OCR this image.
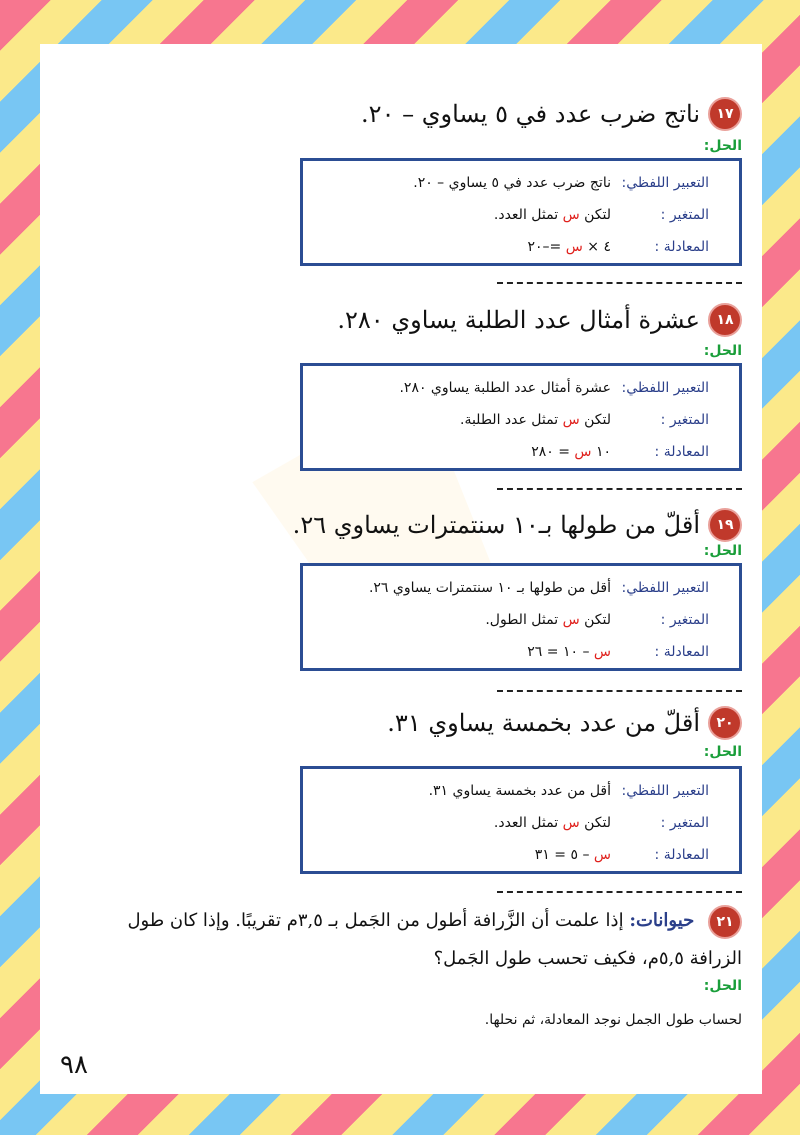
١٧
ناتج ضرب عدد في ٥ يساوي – ٢٠.
الحل:
التعبير اللفظي:
ناتج ضرب عدد في ٥ يساوي – ٢٠.
المتغير :
لتكن س تمثل العدد.
المعادلة :
٤ × س =–٢٠
١٨
عشرة أمثال عدد الطلبة يساوي ٢٨٠.
الحل:
التعبير اللفظي:
عشرة أمثال عدد الطلبة يساوي ٢٨٠.
المتغير :
لتكن س تمثل عدد الطلبة.
المعادلة :
١٠ س = ٢٨٠
١٩
أقلّ من طولها بـ١٠ سنتمترات يساوي ٢٦.
الحل:
التعبير اللفظي:
أقل من طولها بـ ١٠ سنتمترات يساوي ٢٦.
المتغير :
لتكن س تمثل الطول.
المعادلة :
س – ١٠ = ٢٦
٢٠
أقلّ من عدد بخمسة يساوي ٣١.
الحل:
التعبير اللفظي:
أقل من عدد بخمسة يساوي ٣١.
المتغير :
لتكن س تمثل العدد.
المعادلة :
س – ٥ = ٣١
٢١ حيوانات: إذا علمت أن الزَّرافة أطول من الجَمل بـ ٣,٥م تقريبًا. وإذا كان طول
الزرافة ٥,٥م، فكيف تحسب طول الجَمل؟
الحل:
لحساب طول الجمل نوجد المعادلة، ثم نحلها.
٩٨
